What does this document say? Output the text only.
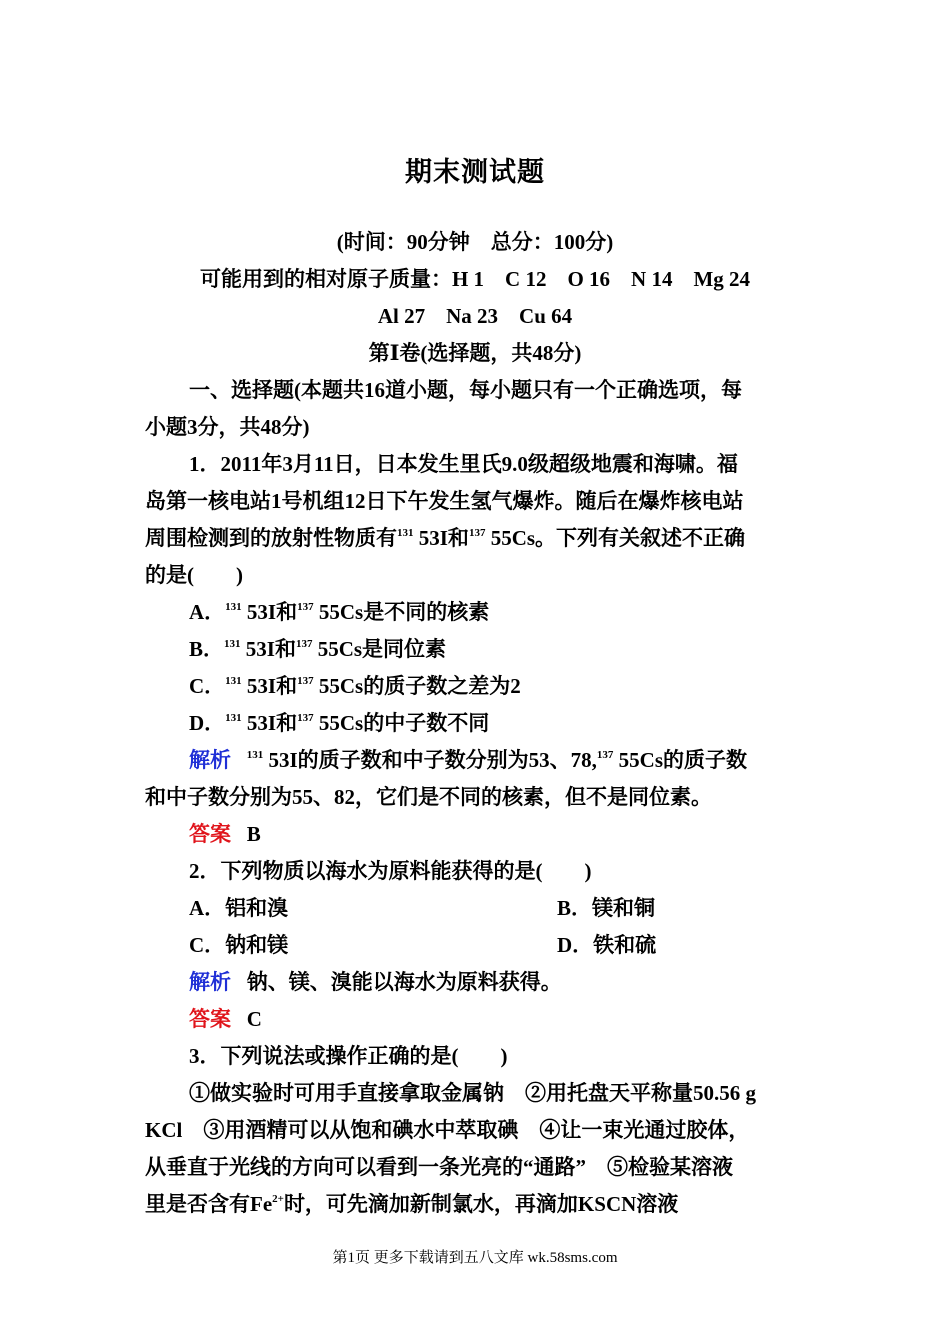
期末测试题
(时间：90分钟　总分：100分)
可能用到的相对原子质量：H 1　C 12　O 16　N 14　Mg 24
Al 27　Na 23　Cu 64
第Ⅰ卷(选择题，共48分)
一、选择题(本题共16道小题，每小题只有一个正确选项，每
小题3分，共48分)
1．2011年3月11日，日本发生里氏9.0级超级地震和海啸。福
岛第一核电站1号机组12日下午发生氢气爆炸。随后在爆炸核电站
周围检测到的放射性物质有$^{131}$ 53I和$^{137}$ 55Cs。下列有关叙述不正确
的是(　　)
A．$^{131}$ 53I和$^{137}$ 55Cs是不同的核素
B．$^{131}$ 53I和$^{137}$ 55Cs是同位素
C．$^{131}$ 53I和$^{137}$ 55Cs的质子数之差为2
D．$^{131}$ 53I和$^{137}$ 55Cs的中子数不同
解析 $^{131}$ 53I的质子数和中子数分别为53、78,$^{137}$ 55Cs的质子数
和中子数分别为55、82，它们是不同的核素，但不是同位素。
答案 B
2．下列物质以海水为原料能获得的是(　　)
A．铝和溴	B．镁和铜
C．钠和镁	D．铁和硫
解析 钠、镁、溴能以海水为原料获得。
答案 C
3．下列说法或操作正确的是(　　)
①做实验时可用手直接拿取金属钠　②用托盘天平称量50.56 g
KCl　③用酒精可以从饱和碘水中萃取碘　④让一束光通过胶体，
从垂直于光线的方向可以看到一条光亮的“通路”　⑤检验某溶液
里是否含有$Fe^{2+}$时，可先滴加新制氯水，再滴加KSCN溶液
第1页 更多下载请到五八文库 wk.58sms.com
